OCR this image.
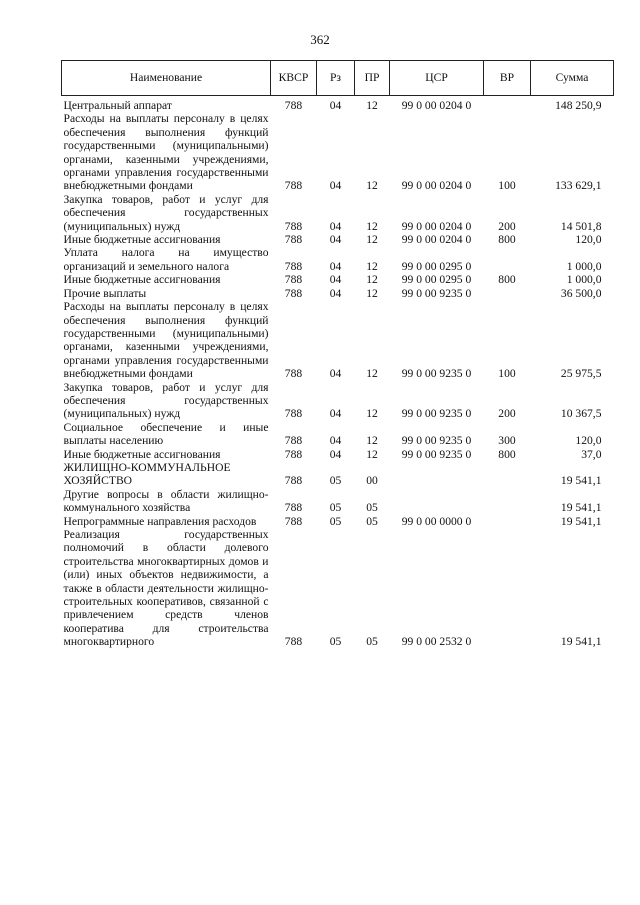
362
Наименование	КВСР	Рз	ПР	ЦСР	ВР	Сумма
Центральный аппарат	788	04	12	99 0 00 0204 0		148 250,9
Расходы на выплаты персоналу в целях обеспечения выполнения функций государственными (муниципальными) органами, казенными учреждениями, органами управления государственными внебюджетными фондами	788	04	12	99 0 00 0204 0	100	133 629,1
Закупка товаров, работ и услуг для обеспечения государственных (муниципальных) нужд	788	04	12	99 0 00 0204 0	200	14 501,8
Иные бюджетные ассигнования	788	04	12	99 0 00 0204 0	800	120,0
Уплата налога на имущество организаций и земельного налога	788	04	12	99 0 00 0295 0		1 000,0
Иные бюджетные ассигнования	788	04	12	99 0 00 0295 0	800	1 000,0
Прочие выплаты	788	04	12	99 0 00 9235 0		36 500,0
Расходы на выплаты персоналу в целях обеспечения выполнения функций государственными (муниципальными) органами, казенными учреждениями, органами управления государственными внебюджетными фондами	788	04	12	99 0 00 9235 0	100	25 975,5
Закупка товаров, работ и услуг для обеспечения государственных (муниципальных) нужд	788	04	12	99 0 00 9235 0	200	10 367,5
Социальное обеспечение и иные выплаты населению	788	04	12	99 0 00 9235 0	300	120,0
Иные бюджетные ассигнования	788	04	12	99 0 00 9235 0	800	37,0
ЖИЛИЩНО-КОММУНАЛЬНОЕ ХОЗЯЙСТВО	788	05	00			19 541,1
Другие вопросы в области жилищно-коммунального хозяйства	788	05	05			19 541,1
Непрограммные направления расходов	788	05	05	99 0 00 0000 0		19 541,1
Реализация государственных полномочий в области долевого строительства многоквартирных домов и (или) иных объектов недвижимости, а также в области деятельности жилищно-строительных кооперативов, связанной с привлечением средств членов кооператива для строительства многоквартирного	788	05	05	99 0 00 2532 0		19 541,1
